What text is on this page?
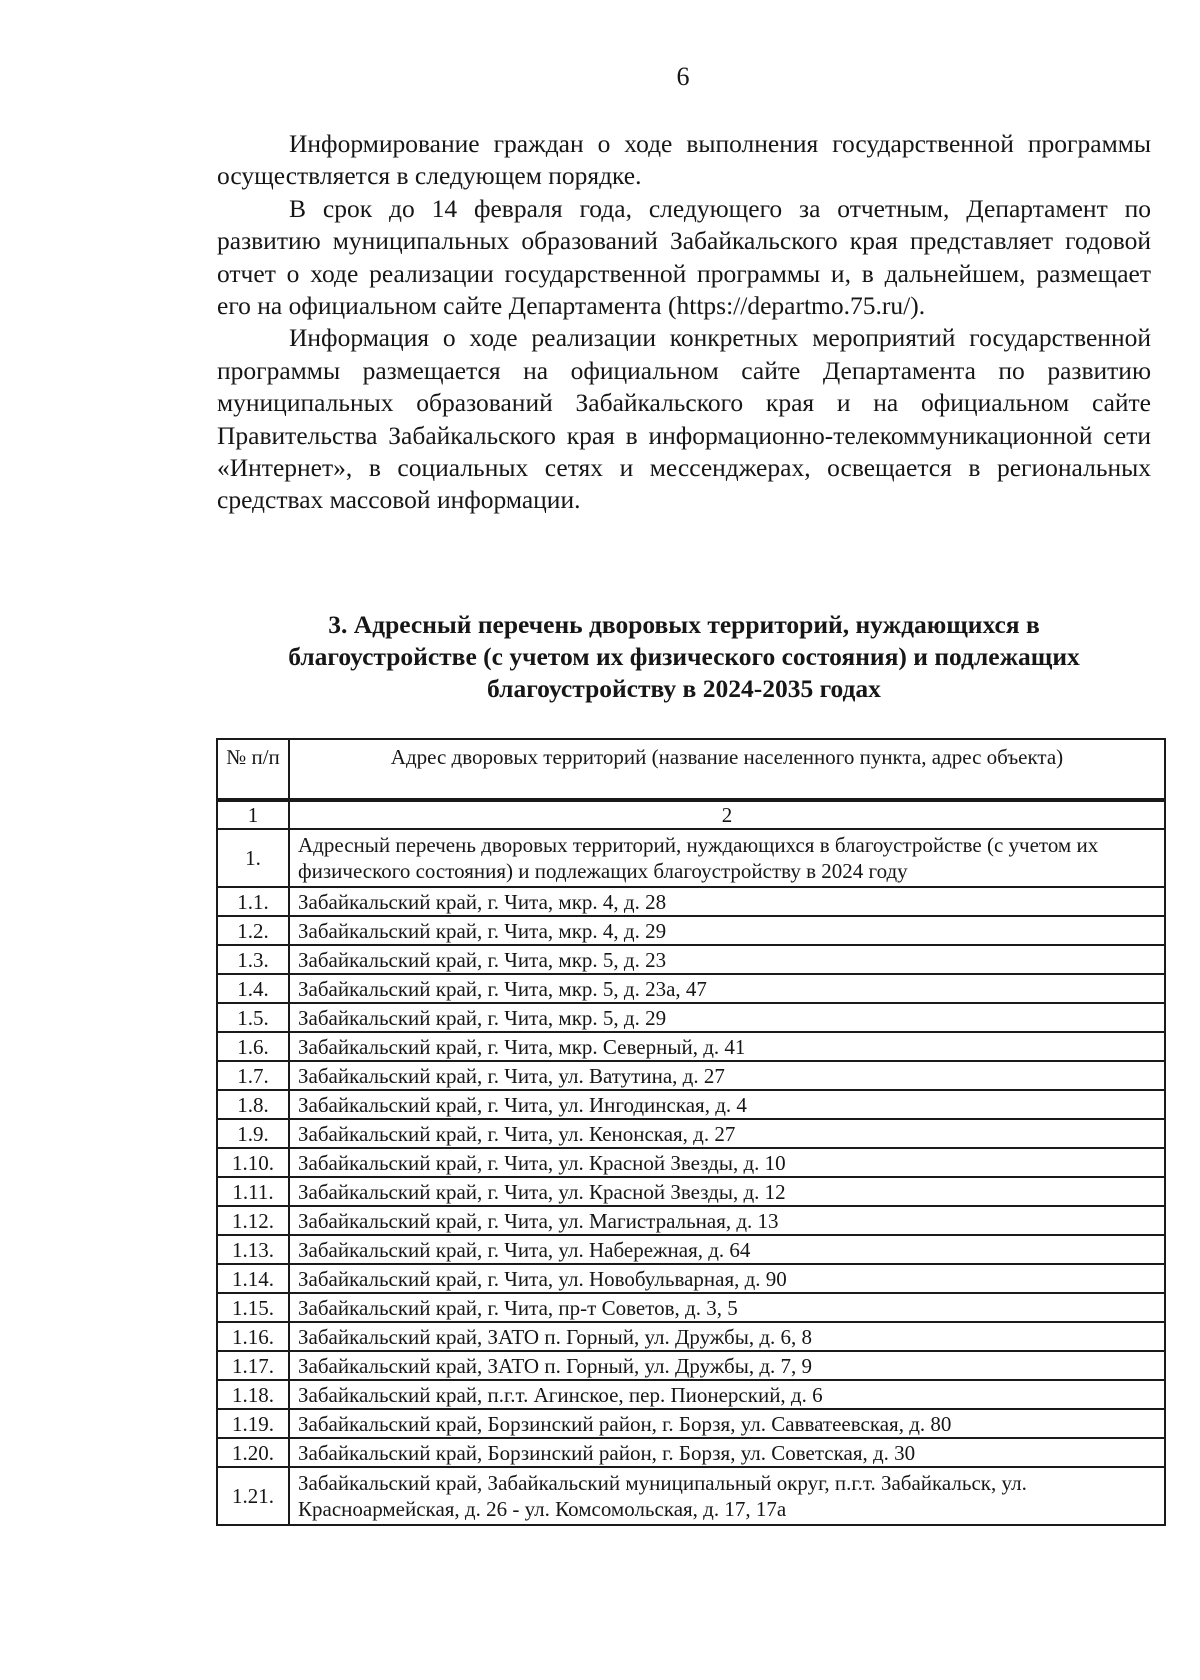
6

Информирование граждан о ходе выполнения государственной программы осуществляется в следующем порядке.

В срок до 14 февраля года, следующего за отчетным, Департамент по развитию муниципальных образований Забайкальского края представляет годовой отчет о ходе реализации государственной программы и, в дальнейшем, размещает его на официальном сайте Департамента (https://departmo.75.ru/).

Информация о ходе реализации конкретных мероприятий государственной программы размещается на официальном сайте Департамента по развитию муниципальных образований Забайкальского края и на официальном сайте Правительства Забайкальского края в информационно-телекоммуникационной сети «Интернет», в социальных сетях и мессенджерах, освещается в региональных средствах массовой информации.

3. Адресный перечень дворовых территорий, нуждающихся в
благоустройстве (с учетом их физического состояния) и подлежащих
благоустройству в 2024-2035 годах
№ п/п	Адрес дворовых территорий (название населенного пункта, адрес объекта)
1	2
1.	Адресный перечень дворовых территорий, нуждающихся в благоустройстве (с учетом их физического состояния) и подлежащих благоустройству в 2024 году
1.1.	Забайкальский край, г. Чита, мкр. 4, д. 28
1.2.	Забайкальский край, г. Чита, мкр. 4, д. 29
1.3.	Забайкальский край, г. Чита, мкр. 5, д. 23
1.4.	Забайкальский край, г. Чита, мкр. 5, д. 23а, 47
1.5.	Забайкальский край, г. Чита, мкр. 5, д. 29
1.6.	Забайкальский край, г. Чита, мкр. Северный, д. 41
1.7.	Забайкальский край, г. Чита, ул. Ватутина, д. 27
1.8.	Забайкальский край, г. Чита, ул. Ингодинская, д. 4
1.9.	Забайкальский край, г. Чита, ул. Кенонская, д. 27
1.10.	Забайкальский край, г. Чита, ул. Красной Звезды, д. 10
1.11.	Забайкальский край, г. Чита, ул. Красной Звезды, д. 12
1.12.	Забайкальский край, г. Чита, ул. Магистральная, д. 13
1.13.	Забайкальский край, г. Чита, ул. Набережная, д. 64
1.14.	Забайкальский край, г. Чита, ул. Новобульварная, д. 90
1.15.	Забайкальский край, г. Чита, пр-т Советов, д. 3, 5
1.16.	Забайкальский край, ЗАТО п. Горный, ул. Дружбы, д. 6, 8
1.17.	Забайкальский край, ЗАТО п. Горный, ул. Дружбы, д. 7, 9
1.18.	Забайкальский край, п.г.т. Агинское, пер. Пионерский, д. 6
1.19.	Забайкальский край, Борзинский район, г. Борзя, ул. Савватеевская, д. 80
1.20.	Забайкальский край, Борзинский район, г. Борзя, ул. Советская, д. 30
1.21.	Забайкальский край, Забайкальский муниципальный округ, п.г.т. Забайкальск, ул. Красноармейская, д. 26 - ул. Комсомольская, д. 17, 17а
